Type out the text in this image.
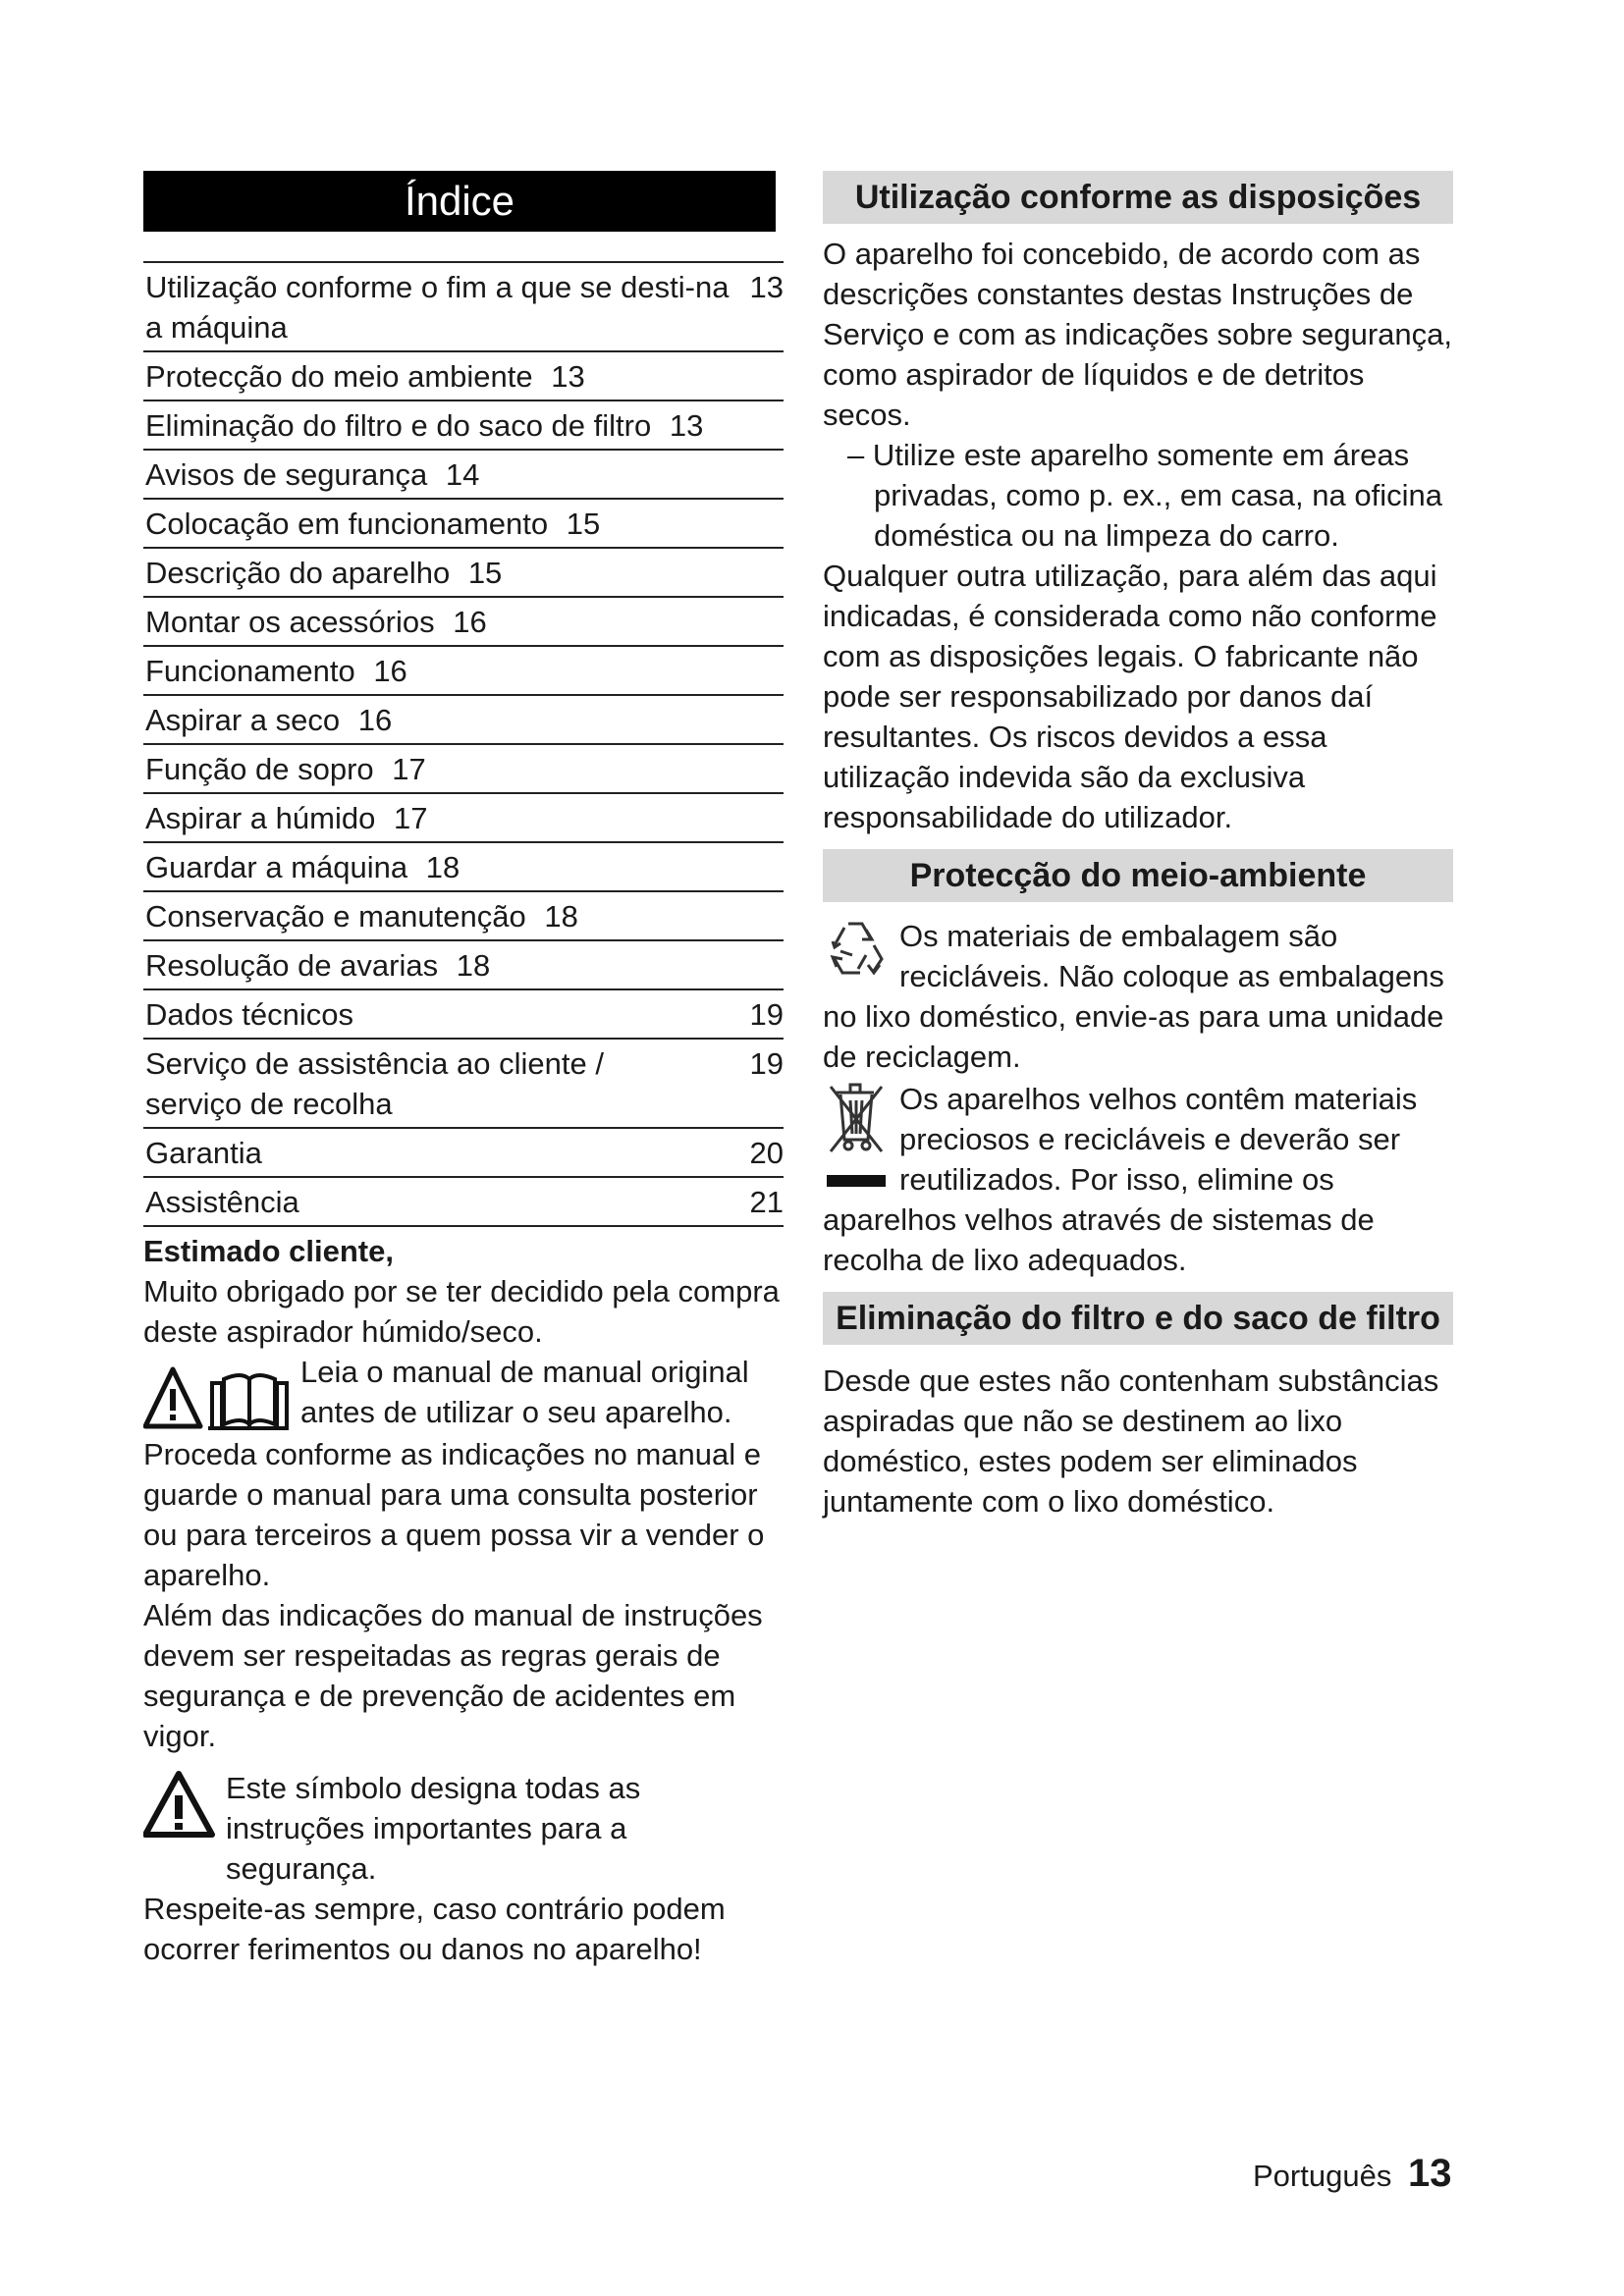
Índice
Utilização conforme o fim a que se desti-na a máquina
13
Protecção do meio ambiente 13
Eliminação do filtro e do saco de filtro 13
Avisos de segurança 14
Colocação em funcionamento 15
Descrição do aparelho 15
Montar os acessórios 16
Funcionamento 16
Aspirar a seco 16
Função de sopro 17
Aspirar a húmido 17
Guardar a máquina 18
Conservação e manutenção 18
Resolução de avarias 18
Dados técnicos	19
Serviço de assistência ao cliente / serviço de recolha
19
Garantia	20
Assistência	21

Estimado cliente,

Muito obrigado por se ter decidido pela compra deste aspirador húmido/seco.

Leia o manual de manual original antes de utilizar o seu aparelho.

Proceda conforme as indicações no manual e guarde o manual para uma consulta posterior ou para terceiros a quem possa vir a vender o aparelho.

Além das indicações do manual de instruções devem ser respeitadas as regras gerais de segurança e de prevenção de acidentes em vigor.

Este símbolo designa todas as instruções importantes para a segurança.

Respeite-as sempre, caso contrário podem ocorrer ferimentos ou danos no aparelho!

Utilização conforme as disposições

O aparelho foi concebido, de acordo com as descrições constantes destas Instruções de Serviço e com as indicações sobre segurança, como aspirador de líquidos e de detritos secos.

– Utilize este aparelho somente em áreas privadas, como p. ex., em casa, na oficina doméstica ou na limpeza do carro.

Qualquer outra utilização, para além das aqui indicadas, é considerada como não conforme com as disposições legais. O fabricante não pode ser responsabilizado por danos daí resultantes. Os riscos devidos a essa utilização indevida são da exclusiva responsabilidade do utilizador.

Protecção do meio-ambiente

Os materiais de embalagem são recicláveis. Não coloque as embalagens no lixo doméstico, envie-as para uma unidade de reciclagem.

Os aparelhos velhos contêm materiais preciosos e recicláveis e deverão ser reutilizados. Por isso, elimine os aparelhos velhos através de sistemas de recolha de lixo adequados.

Eliminação do filtro e do saco de filtro

Desde que estes não contenham substâncias aspiradas que não se destinem ao lixo doméstico, estes podem ser eliminados juntamente com o lixo doméstico.

Português 13
